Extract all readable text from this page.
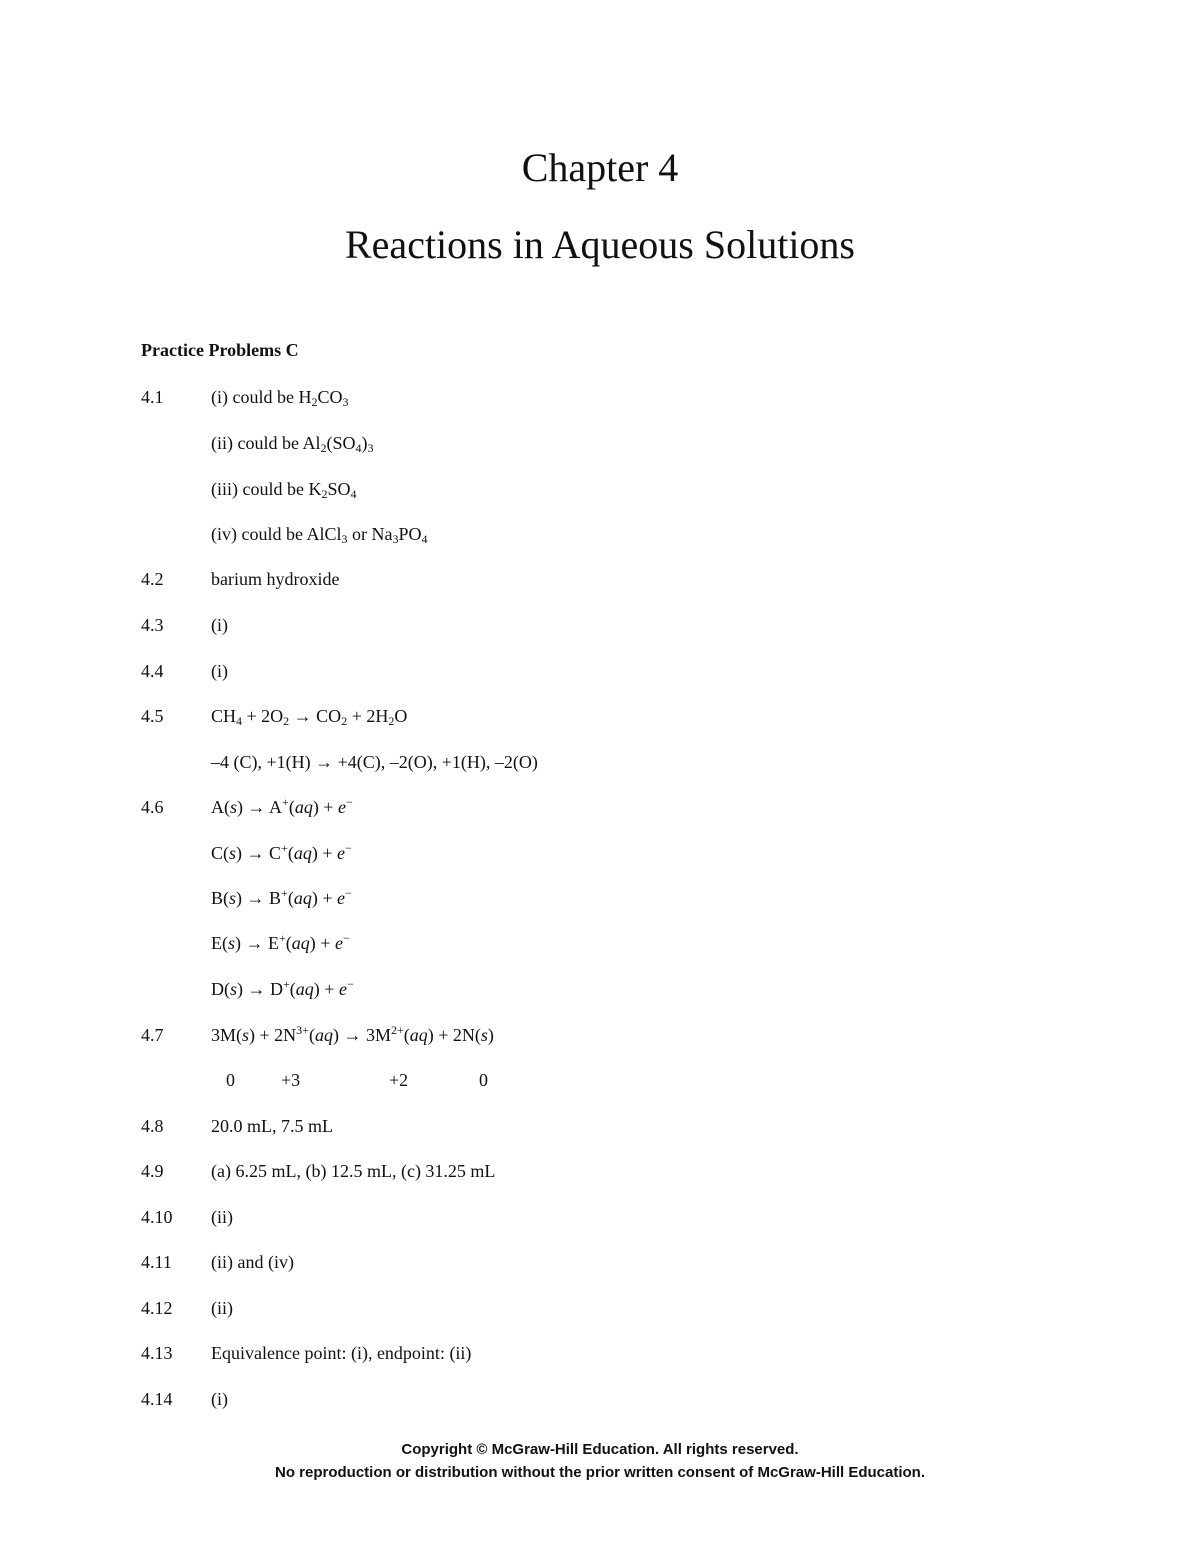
Chapter 4
Reactions in Aqueous Solutions
Practice Problems C
4.1	(i) could be $H_2CO_3$
(ii) could be $Al_2(SO_4)_3$
(iii) could be $K_2SO_4$
(iv) could be AlCl$_3$ or $Na_3PO_4$
4.2	barium hydroxide
4.3	(i)
4.4	(i)
4.5	$CH_4 + 2O_2 \to CO_2 + 2H_2O$
–4 (C), +1(H) → +4(C), –2(O), +1(H), –2(O)
4.6	A(s) → A+(aq) + e−
C(s) → C+(aq) + e−
B(s) → B+(aq) + e−
E(s) → E+(aq) + e−
D(s) → D+(aq) + e−
4.7	$3M(s) + 2N^{3+}(aq) \to 3M^{2+}(aq) + 2N(s)$
0	+3	+2	0
4.8	20.0 mL, 7.5 mL
4.9	(a) 6.25 mL, (b) 12.5 mL, (c) 31.25 mL
4.10 (ii)
4.11 (ii) and (iv)
4.12 (ii)
4.13 Equivalence point: (i), endpoint: (ii)
4.14 (i)
Copyright © McGraw-Hill Education. All rights reserved.
No reproduction or distribution without the prior written consent of McGraw-Hill Education.
